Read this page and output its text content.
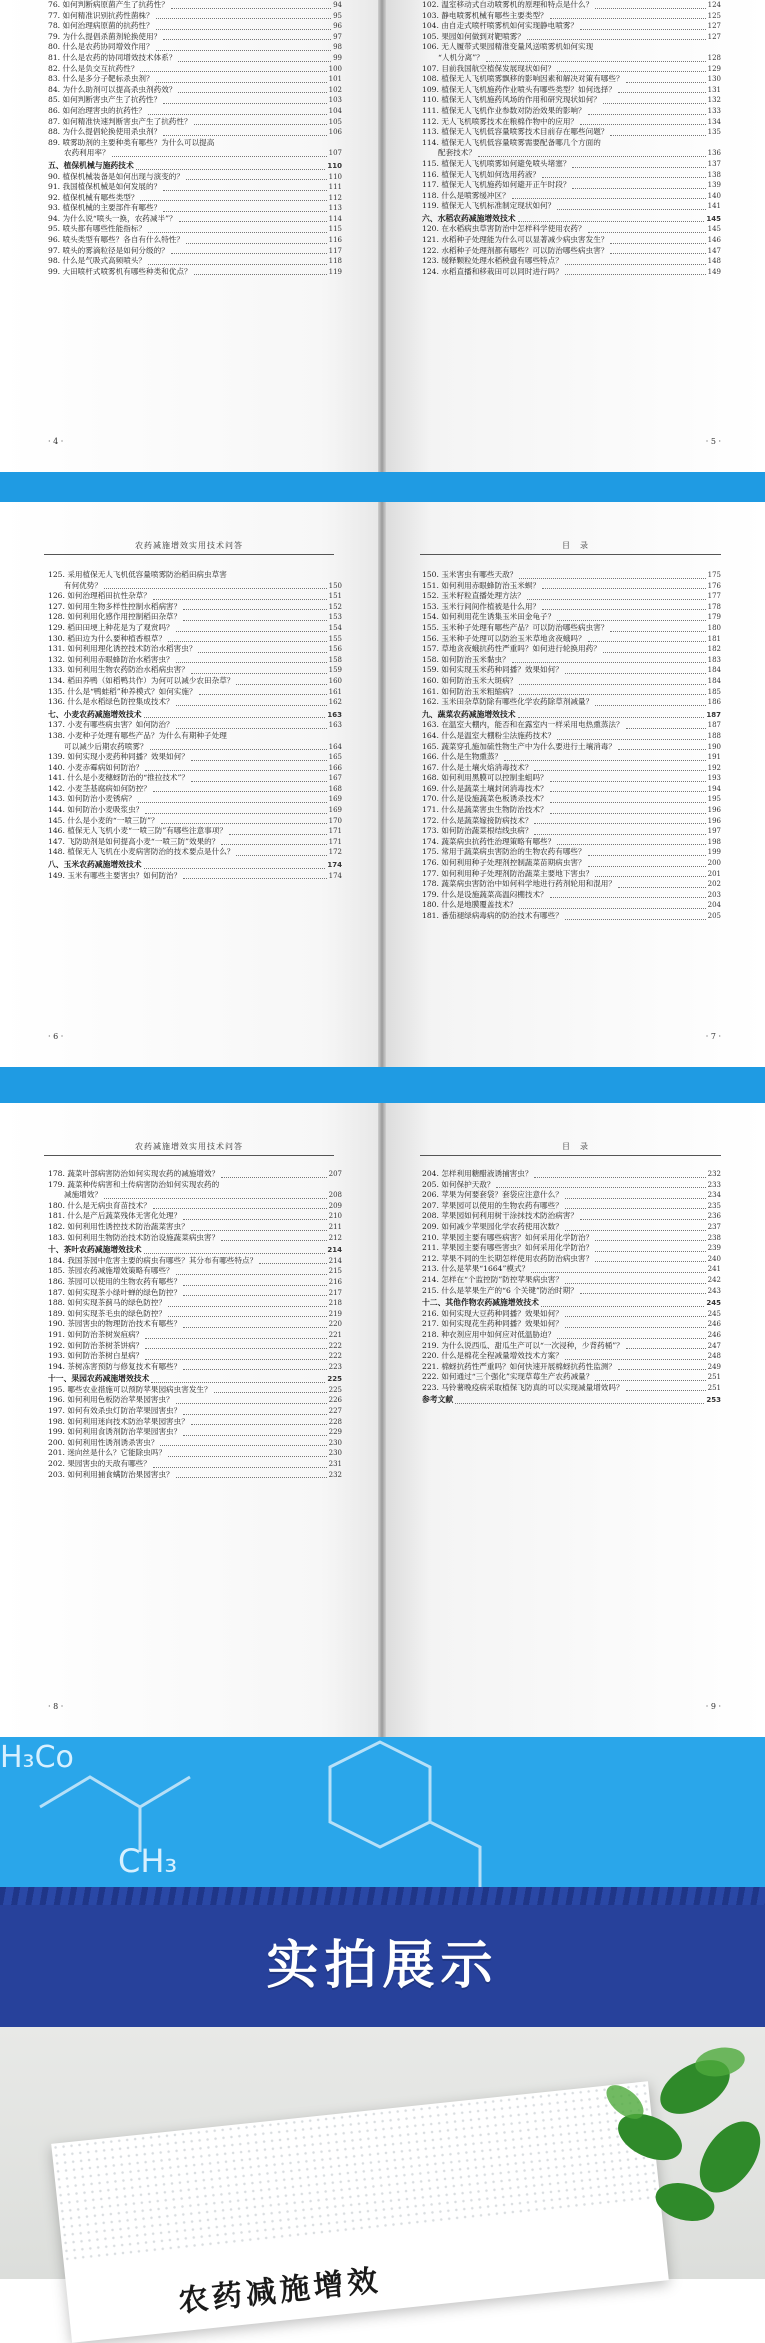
76. 如何判断病原菌产生了抗药性？	94
77. 如何精准识别抗药性菌株？	95
78. 如何治理病原菌的抗药性？	96
79. 为什么提倡杀菌剂轮换使用？	97
80. 什么是农药协同增效作用？	98
81. 什么是农药的协同增效技术体系？	99
82. 什么是负交互抗药性？	100
83. 什么是多分子靶标杀虫剂？	101
84. 为什么助剂可以提高杀虫剂药效？	102
85. 如何判断害虫产生了抗药性？	103
86. 如何治理害虫的抗药性？	104
87. 如何精准快速判断害虫产生了抗药性？	105
88. 为什么提倡轮换使用杀虫剂？	106
89. 喷雾助剂的主要种类有哪些？为什么可以提高
农药利用率？	107
五、植保机械与施药技术	110
90. 植保机械装备是如何出现与演变的？	110
91. 我国植保机械是如何发展的？	111
92. 植保机械有哪些类型？	112
93. 植保机械的主要部件有哪些？	113
94. 为什么说“喷头一换，农药减半”？	114
95. 喷头都有哪些性能指标？	115
96. 喷头类型有哪些？各自有什么特性？	116
97. 喷头的雾滴粒径是如何分级的？	117
98. 什么是气吸式高频喷头？	118
99. 大田喷杆式喷雾机有哪些种类和优点？	119
· 4 ·
102. 温室移动式自动喷雾机的原理和特点是什么？	124
103. 静电喷雾机械有哪些主要类型？	125
104. 由自走式喷杆喷雾机如何实现静电喷雾？	127
105. 果园如何做到对靶喷雾？	127
106. 无人履带式果园精准变量风送喷雾机如何实现
“人机分离”？	128
107. 目前我国航空植保发展现状如何？	129
108. 植保无人飞机喷雾飘移的影响因素和解决对策有哪些？	130
109. 植保无人飞机施药作业喷头有哪些类型？如何选择？	131
110. 植保无人飞机施药风场的作用和研究现状如何？	132
111. 植保无人飞机作业参数对防治效果的影响？	133
112. 无人飞机喷雾技术在粮棉作物中的应用？	134
113. 植保无人飞机低容量喷雾技术目前存在哪些问题？	135
114. 植保无人飞机低容量喷雾需要配备哪几个方面的
配套技术？	136
115. 植保无人飞机喷雾如何避免喷头堵塞？	137
116. 植保无人飞机如何选用药液？	138
117. 植保无人飞机施药如何避开正午时段？	139
118. 什么是喷雾缓冲区？	140
119. 植保无人飞机标准制定现状如何？	141
六、水稻农药减施增效技术	145
120. 在水稻病虫草害防治中怎样科学使用农药？	145
121. 水稻种子处理能为什么可以显著减少病虫害发生？	146
122. 水稻种子处理剂都有哪些？可以防治哪些病虫害？	147
123. 缓释颗粒处理水稻秧盘有哪些特点？	148
124. 水稻直播和移栽田可以同时进行吗？	149
· 5 ·
农药减施增效实用技术问答
125. 采用植保无人飞机低容量喷雾防治稻田病虫草害
有何优势？	150
126. 如何治理稻田抗性杂草？	151
127. 如何用生物多样性控制水稻病害？	152
128. 如何利用化感作用控制稻田杂草？	153
129. 稻田田埂上种花是为了观赏吗？	154
130. 稻田边为什么要种植香根草？	155
131. 如何利用理化诱控技术防治水稻害虫？	156
132. 如何利用赤眼蜂防治水稻害虫？	158
133. 如何利用生物农药防治水稻病虫害？	159
134. 稻田养鸭（如稻鸭共作）为何可以减少农田杂草？	160
135. 什么是“鸭蛙稻”种养模式？如何实施？	161
136. 什么是水稻绿色防控集成技术？	162
七、小麦农药减施增效技术	163
137. 小麦有哪些病虫害？如何防治？	163
138. 小麦种子处理有哪些产品？为什么有期种子处理
可以减少后期农药喷雾？	164
139. 如何实现小麦药种同播？效果如何？	165
140. 小麦赤霉病如何防治？	166
141. 什么是小麦穗蚜防治的“推拉技术”？	167
142. 小麦茎基腐病如何防控？	168
143. 如何防治小麦锈病？	169
144. 如何防治小麦吸浆虫？	169
145. 什么是小麦的“一喷三防”？	170
146. 植保无人飞机小麦“一喷三防”有哪些注意事项？	171
147. 飞防助剂是如何提高小麦“一喷三防”效果的？	171
148. 植保无人飞机在小麦病害防治的技术要点是什么？	172
八、玉米农药减施增效技术	174
149. 玉米有哪些主要害虫？如何防治？	174
· 6 ·
目　录
150. 玉米害虫有哪些天敌？	175
151. 如何利用赤眼蜂防治玉米螟？	176
152. 玉米籽粒直播处理方法？	177
153. 玉米行间间作植被是什么用？	178
154. 如何利用花生诱集玉米田金龟子？	179
155. 玉米种子处理有哪些产品？可以防治哪些病虫害？	180
156. 玉米种子处理可以防治玉米草地贪夜蛾吗？	181
157. 草地贪夜蛾抗药性严重吗？如何进行轮换用药？	182
158. 如何防治玉米黏虫？	183
159. 如何实现玉米药种同播？效果如何？	184
160. 如何防治玉米大斑病？	184
161. 如何防治玉米粗缩病？	185
162. 玉米田杂草防除有哪些化学农药除草剂减量？	186
九、蔬菜农药减施增效技术	187
163. 在温室大棚内，能否和在露室内一样采用电热熏蒸法？	187
164. 什么是温室大棚粉尘法施药技术？	188
165. 蔬菜穿孔施加硫性物生产中为什么要进行土壤消毒？	190
166. 什么是生物熏蒸？	191
167. 什么是土壤火焰消毒技术？	192
168. 如何利用黑膜可以控制韭蛆吗？	193
169. 什么是蔬菜土壤封闭消毒技术？	194
170. 什么是设施蔬菜色板诱杀技术？	195
171. 什么是蔬菜害虫生物防治技术？	196
172. 什么是蔬菜嫁接防病技术？	196
173. 如何防治蔬菜根结线虫病？	197
174. 蔬菜病虫抗药性治理策略有哪些？	198
175. 常用于蔬菜病虫害防治的生物农药有哪些？	199
176. 如何利用种子处理剂控制蔬菜苗期病虫害？	200
177. 如何利用种子处理剂防治蔬菜主要地下害虫？	201
178. 蔬菜病虫害防治中如何科学地进行药剂轮用和混用？	202
179. 什么是设施蔬菜高温闷棚技术？	203
180. 什么是地膜覆盖技术？	204
181. 番茄褪绿病毒病的防治技术有哪些？	205
· 7 ·
农药减施增效实用技术问答
178. 蔬菜叶部病害防治如何实现农药的减施增效？	207
179. 蔬菜种传病害和土传病害防治如何实现农药的
减施增效？	208
180. 什么是无病虫育苗技术？	209
181. 什么是产后蔬菜残体无害化处理？	210
182. 如何利用性诱控技术防治蔬菜害虫？	211
183. 如何利用生物防治技术防治设施蔬菜病虫害？	212
十、茶叶农药减施增效技术	214
184. 我国茶园中危害主要的病虫有哪些？其分布有哪些特点？	214
185. 茶园农药减施增效策略有哪些？	215
186. 茶园可以使用的生物农药有哪些？	216
187. 如何实现茶小绿叶蝉的绿色防控？	217
188. 如何实现茶蓟马的绿色防控？	218
189. 如何实现茶毛虫的绿色防控？	219
190. 茶园害虫的物理防治技术有哪些？	220
191. 如何防治茶树炭疽病？	221
192. 如何防治茶树茶饼病？	222
193. 如何防治茶树白星病？	222
194. 茶树冻害预防与修复技术有哪些？	223
十一、果园农药减施增效技术	225
195. 哪些农业措施可以预防苹果园病虫害发生？	225
196. 如何利用色板防治苹果园害虫？	226
197. 如何有效杀虫灯防治苹果园害虫？	227
198. 如何利用迷向技术防治苹果园害虫？	228
199. 如何利用食诱剂防治苹果园害虫？	229
200. 如何利用性诱剂诱杀害虫？	230
201. 迷向丝是什么？它能除虫吗？	230
202. 果园害虫的天敌有哪些？	231
203. 如何利用捕食螨防治果园害虫？	232
· 8 ·
目　录
204. 怎样利用糖醋液诱捕害虫？	232
205. 如何保护天敌？	233
206. 苹果为何要套袋？套袋应注意什么？	234
207. 苹果园可以使用的生物农药有哪些？	235
208. 苹果园如何利用树干涂抹技术防治病害？	236
209. 如何减少苹果园化学农药使用次数？	237
210. 苹果园主要有哪些病害？如何采用化学防治？	238
211. 苹果园主要有哪些害虫？如何采用化学防治？	239
212. 苹果不同的生长期怎样使用农药防治病虫害？	240
213. 什么是苹果“1664”模式？	241
214. 怎样在“个监控防”防控苹果病虫害？	242
215. 什么是苹果生产的“6 个关键”防治时期？	243
十二、其他作物农药减施增效技术	245
216. 如何实现大豆药种同播？效果如何？	245
217. 如何实现花生药种同播？效果如何？	246
218. 种衣剂应用中如何应对低温胁迫？	246
219. 为什么说西瓜、甜瓜生产可以“一次浸种，少背药桶”？	247
220. 什么是棉花全程减量增效技术方案？	248
221. 棉蚜抗药性严重吗？如何快速开展棉蚜抗药性监测？	249
222. 如何通过“三个强化”实现草莓生产农药减量？	251
223. 马铃薯晚疫病采取植保飞防真的可以实现减量增效吗？	251
参考文献	253
· 9 ·
H₃Co
CH₃
实拍展示
农药减施增效
